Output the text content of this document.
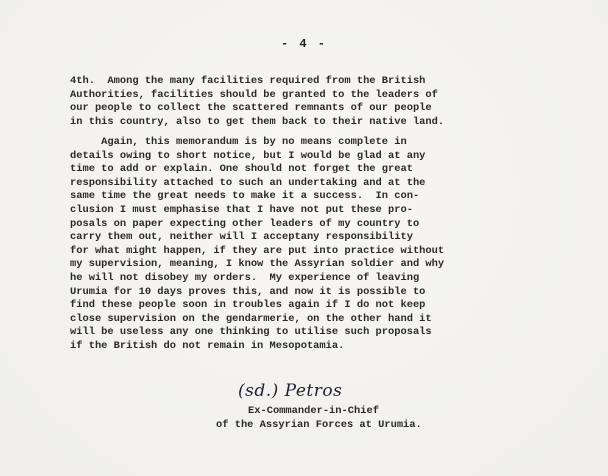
- 4 -

4th.  Among the many facilities required from the British
Authorities, facilities should be granted to the leaders of
our people to collect the scattered remnants of our people
in this country, also to get them back to their native land.

Again, this memorandum is by no means complete in
details owing to short notice, but I would be glad at any
time to add or explain. One should not forget the great
responsibility attached to such an undertaking and at the
same time the great needs to make it a success.  In con-
clusion I must emphasise that I have not put these pro-
posals on paper expecting other leaders of my country to
carry them out, neither will I acceptany responsibility
for what might happen, if they are put into practice without
my supervision, meaning, I know the Assyrian soldier and why
he will not disobey my orders.  My experience of leaving
Urumia for 10 days proves this, and now it is possible to
find these people soon in troubles again if I do not keep
close supervision on the gendarmerie, on the other hand it
will be useless any one thinking to utilise such proposals
if the British do not remain in Mesopotamia.

(sd.) Petros
Ex-Commander-in-Chief
of the Assyrian Forces at Urumia.
